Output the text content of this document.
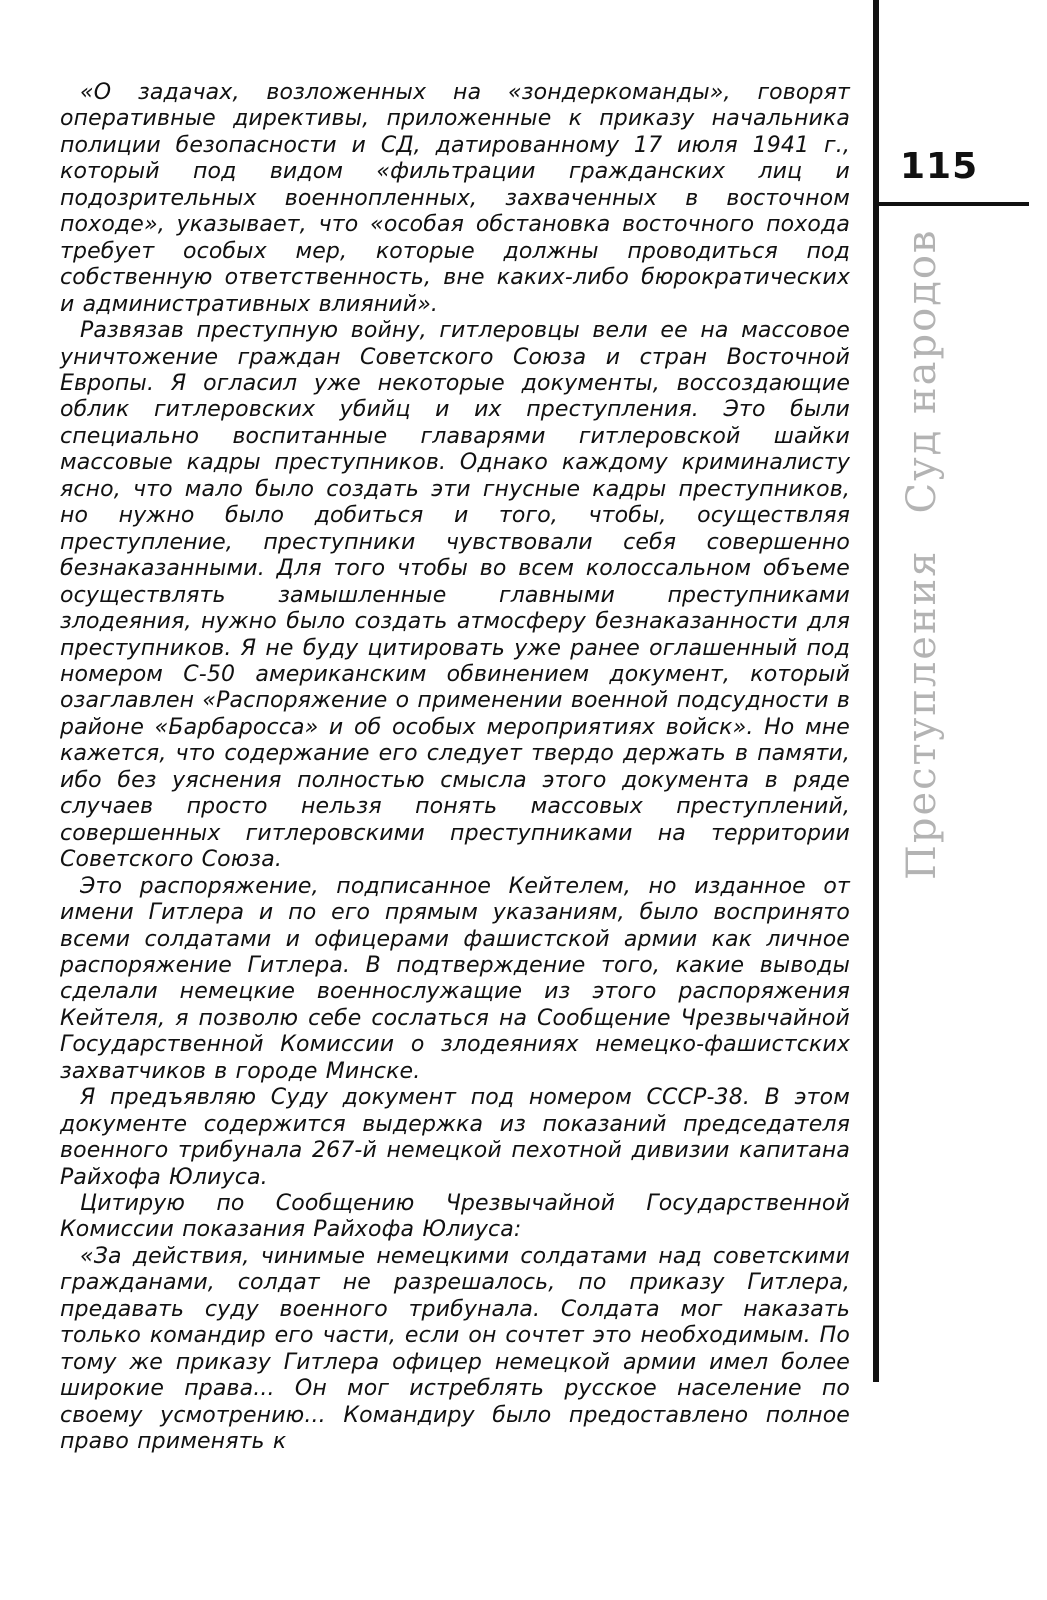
«О задачах, возложенных на «зондеркоманды», говорят оперативные директивы, приложенные к приказу начальника полиции безопасности и СД, датированному 17 июля 1941 г., который под видом «фильтрации гражданских лиц и подозрительных военнопленных, захваченных в восточном походе», указывает, что «особая обстановка восточного похода требует особых мер, которые должны проводиться под собственную ответственность, вне каких-либо бюрократических и административных влияний».

Развязав преступную войну, гитлеровцы вели ее на массовое уничтожение граждан Советского Союза и стран Восточной Европы. Я огласил уже некоторые документы, воссоздающие облик гитлеровских убийц и их преступления. Это были специально воспитанные главарями гитлеровской шайки массовые кадры преступников. Однако каждому криминалисту ясно, что мало было создать эти гнусные кадры преступников, но нужно было добиться и того, чтобы, осуществляя преступление, преступники чувствовали себя совершенно безнаказанными. Для того чтобы во всем колоссальном объеме осуществлять замышленные главными преступниками злодеяния, нужно было создать атмосферу безнаказанности для преступников. Я не буду цитировать уже ранее оглашенный под номером С-50 американским обвинением документ, который озаглавлен «Распоряжение о применении военной подсудности в районе «Барбаросса» и об особых мероприятиях войск». Но мне кажется, что содержание его следует твердо держать в памяти, ибо без уяснения полностью смысла этого документа в ряде случаев просто нельзя понять массовых преступлений, совершенных гитлеровскими преступниками на территории Советского Союза.

Это распоряжение, подписанное Кейтелем, но изданное от имени Гитлера и по его прямым указаниям, было воспринято всеми солдатами и офицерами фашистской армии как личное распоряжение Гитлера. В подтверждение того, какие выводы сделали немецкие военнослужащие из этого распоряжения Кейтеля, я позволю себе сослаться на Сообщение Чрезвычайной Государственной Комиссии о злодеяниях немецко-фашистских захватчиков в городе Минске.

Я предъявляю Суду документ под номером СССР-38. В этом документе содержится выдержка из показаний председателя военного трибунала 267-й немецкой пехотной дивизии капитана Райхофа Юлиуса.

Цитирую по Сообщению Чрезвычайной Государственной Комиссии показания Райхофа Юлиуса:

«За действия, чинимые немецкими солдатами над советскими гражданами, солдат не разрешалось, по приказу Гитлера, предавать суду военного трибунала. Солдата мог наказать только командир его части, если он сочтет это необходимым. По тому же приказу Гитлера офицер немецкой армии имел более широкие права... Он мог истреблять русское население по своему усмотрению... Командиру было предоставлено полное право применять к

115
Преступления
Суд народов
